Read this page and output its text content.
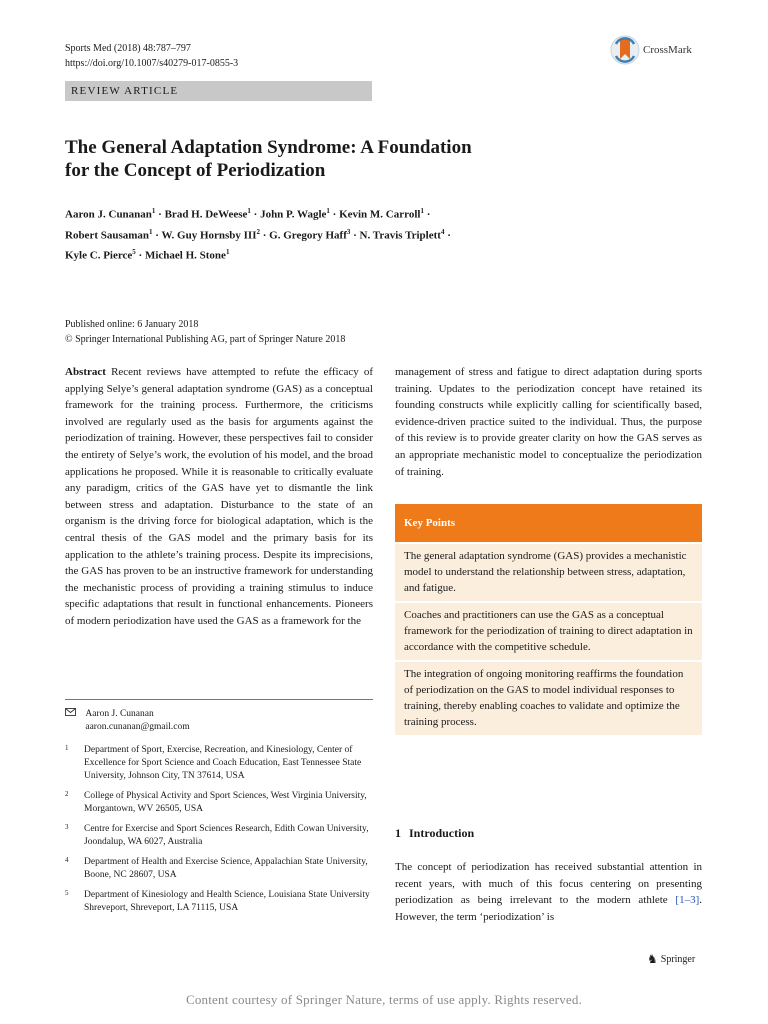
Sports Med (2018) 48:787–797
https://doi.org/10.1007/s40279-017-0855-3
CrossMark
REVIEW ARTICLE
The General Adaptation Syndrome: A Foundation
for the Concept of Periodization
Aaron J. Cunanan$^1$ · Brad H. DeWeese$^1$ · John P. Wagle$^1$ · Kevin M. Carroll$^1$ ·
Robert Sausaman$^1$ · W. Guy Hornsby $III^2 \cdot G$. Gregory Haff$^3$ · N. Travis Triplett$^4$ ·
Kyle C. Pierce$^5$ · Michael H. Stone$^1$
Published online: 6 January 2018
© Springer International Publishing AG, part of Springer Nature 2018
Abstract Recent reviews have attempted to refute the efficacy of applying Selye’s general adaptation syndrome (GAS) as a conceptual framework for the training process. Furthermore, the criticisms involved are regularly used as the basis for arguments against the periodization of training. However, these perspectives fail to consider the entirety of Selye’s work, the evolution of his model, and the broad applications he proposed. While it is reasonable to critically evaluate any paradigm, critics of the GAS have yet to dismantle the link between stress and adaptation. Disturbance to the state of an organism is the driving force for biological adaptation, which is the central thesis of the GAS model and the primary basis for its application to the athlete’s training process. Despite its imprecisions, the GAS has proven to be an instructive framework for understanding the mechanistic process of providing a training stimulus to induce specific adaptations that result in functional enhancements. Pioneers of modern periodization have used the GAS as a framework for the
management of stress and fatigue to direct adaptation during sports training. Updates to the periodization concept have retained its founding constructs while explicitly calling for scientifically based, evidence-driven practice suited to the individual. Thus, the purpose of this review is to provide greater clarity on how the GAS serves as an appropriate mechanistic model to conceptualize the periodization of training.

Aaron J. Cunanan
aaron.cunanan@gmail.com
1 Department of Sport, Exercise, Recreation, and Kinesiology, Center of Excellence for Sport Science and Coach Education, East Tennessee State University, Johnson City, TN 37614, USA
2 College of Physical Activity and Sport Sciences, West Virginia University, Morgantown, WV 26505, USA
3 Centre for Exercise and Sport Sciences Research, Edith Cowan University, Joondalup, WA 6027, Australia
4 Department of Health and Exercise Science, Appalachian State University, Boone, NC 28607, USA
5 Department of Kinesiology and Health Science, Louisiana State University Shreveport, Shreveport, LA 71115, USA
Key Points
The general adaptation syndrome (GAS) provides a mechanistic model to understand the relationship between stress, adaptation, and fatigue.
Coaches and practitioners can use the GAS as a conceptual framework for the periodization of training to direct adaptation in accordance with the competitive schedule.
The integration of ongoing monitoring reaffirms the foundation of periodization on the GAS to model individual responses to training, thereby enabling coaches to validate and optimize the training process.
1 Introduction
The concept of periodization has received substantial attention in recent years, with much of this focus centering on presenting periodization as being irrelevant to the modern athlete [1–3]. However, the term ‘periodization’ is
♞ Springer
Content courtesy of Springer Nature, terms of use apply. Rights reserved.
